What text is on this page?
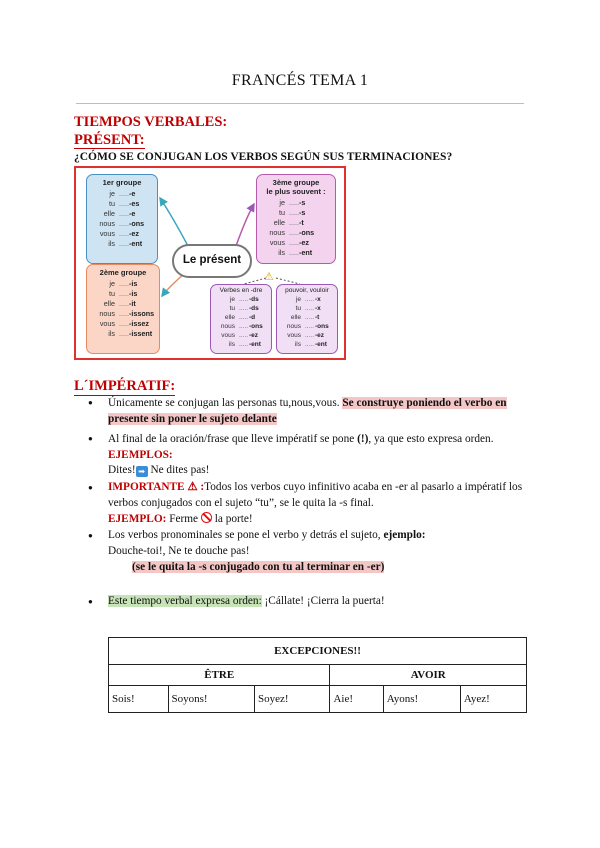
FRANCÉS TEMA 1
TIEMPOS VERBALES:
PRÉSENT:
¿CÓMO SE CONJUGAN LOS VERBOS SEGÚN SUS TERMINACIONES?
1er groupe
je ..... -e
tu ..... -es
elle ..... -e
nous ..... -ons
vous ..... -ez
ils ..... -ent
2ème groupe
je ..... -is
tu ..... -is
elle ..... -it
nous ..... -issons
vous ..... -issez
ils ..... -issent
3ème groupe
le plus souvent :
je ..... -s
tu ..... -s
elle ..... -t
nous ..... -ons
vous ..... -ez
ils ..... -ent
Verbes en -dre
je ..... -ds
tu ..... -ds
elle ..... -d
nous ..... -ons
vous ..... -ez
ils ..... -ent
pouvoir, vouloir
je ..... -x
tu ..... -x
elle ..... -t
nous ..... -ons
vous ..... -ez
ils ..... -ent
Le présent
⚠
L´IMPÉRATIF:
● Únicamente se conjugan las personas tu,nous,vous. Se construye poniendo el verbo en presente sin poner le sujeto delante
● Al final de la oración/frase que lleve impératif se pone (!), ya que esto expresa orden.
EJEMPLOS:
Dites! ➡ Ne dites pas!
● IMPORTANTE ⚠ :Todos los verbos cuyo infinitivo acaba en -er al pasarlo a impératif los verbos conjugados con el sujeto “tu”, se le quita la -s final.
EJEMPLO: Ferme la porte!
● Los verbos pronominales se pone el verbo y detrás el sujeto, ejemplo:
Douche-toi!, Ne te douche pas!
(se le quita la -s conjugado con tu al terminar en -er)
● Este tiempo verbal expresa orden: ¡Cállate! ¡Cierra la puerta!
EXCEPCIONES!!					
ÊTRE			AVOIR		
Sois!	Soyons!	Soyez!	Aie!	Ayons!	Ayez!
